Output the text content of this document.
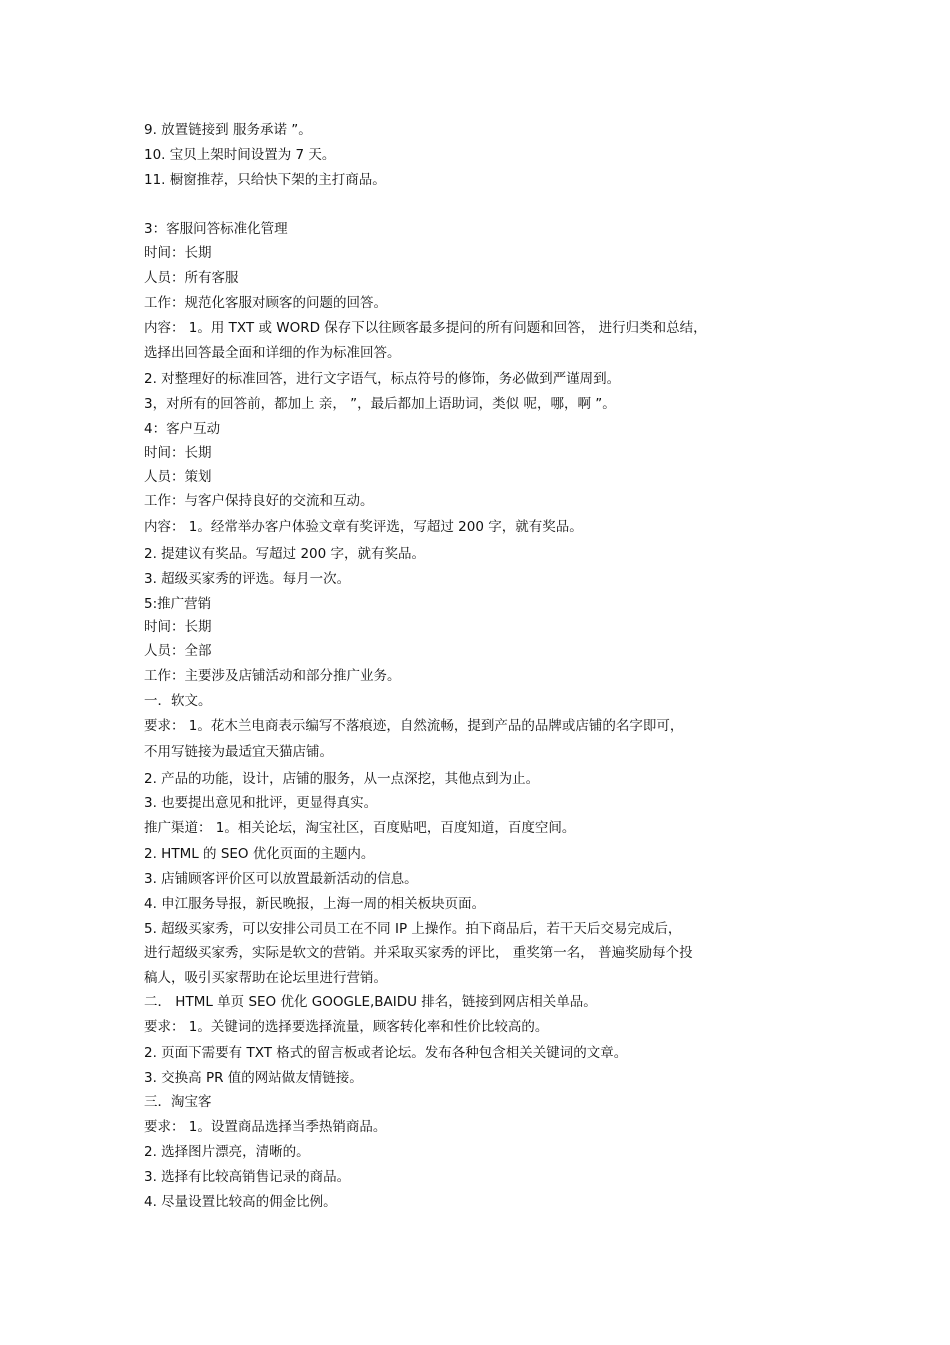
9. 放置链接到 服务承诺 ”。
10. 宝贝上架时间设置为 7 天。
11. 橱窗推荐，只给快下架的主打商品。
3：客服问答标准化管理
时间：长期
人员：所有客服
工作：规范化客服对顾客的问题的回答。
内容： 1。用 TXT 或 WORD 保存下以往顾客最多提问的所有问题和回答， 进行归类和总结，
选择出回答最全面和详细的作为标准回答。
2. 对整理好的标准回答，进行文字语气，标点符号的修饰，务必做到严谨周到。
3，对所有的回答前，都加上 亲， ”，最后都加上语助词，类似 呢，哪，啊 ”。
4：客户互动
时间：长期
人员：策划
工作：与客户保持良好的交流和互动。
内容： 1。经常举办客户体验文章有奖评选，写超过 200 字，就有奖品。
2. 提建议有奖品。写超过 200 字，就有奖品。
3. 超级买家秀的评选。每月一次。
5:推广营销
时间：长期
人员：全部
工作：主要涉及店铺活动和部分推广业务。
一．软文。
要求： 1。花木兰电商表示编写不落痕迹，自然流畅，提到产品的品牌或店铺的名字即可，
不用写链接为最适宜天猫店铺。
2. 产品的功能，设计，店铺的服务，从一点深挖，其他点到为止。
3. 也要提出意见和批评，更显得真实。
推广渠道： 1。相关论坛，淘宝社区，百度贴吧，百度知道，百度空间。
2. HTML 的 SEO 优化页面的主题内。
3. 店铺顾客评价区可以放置最新活动的信息。
4. 申江服务导报，新民晚报，上海一周的相关板块页面。
5. 超级买家秀，可以安排公司员工在不同 IP 上操作。拍下商品后，若干天后交易完成后，
进行超级买家秀，实际是软文的营销。并采取买家秀的评比， 重奖第一名， 普遍奖励每个投
稿人，吸引买家帮助在论坛里进行营销。
二． HTML 单页 SEO 优化 GOOGLE,BAIDU 排名，链接到网店相关单品。
要求： 1。关键词的选择要选择流量，顾客转化率和性价比较高的。
2. 页面下需要有 TXT 格式的留言板或者论坛。发布各种包含相关关键词的文章。
3. 交换高 PR 值的网站做友情链接。
三．淘宝客
要求： 1。设置商品选择当季热销商品。
2. 选择图片漂亮，清晰的。
3. 选择有比较高销售记录的商品。
4. 尽量设置比较高的佣金比例。
